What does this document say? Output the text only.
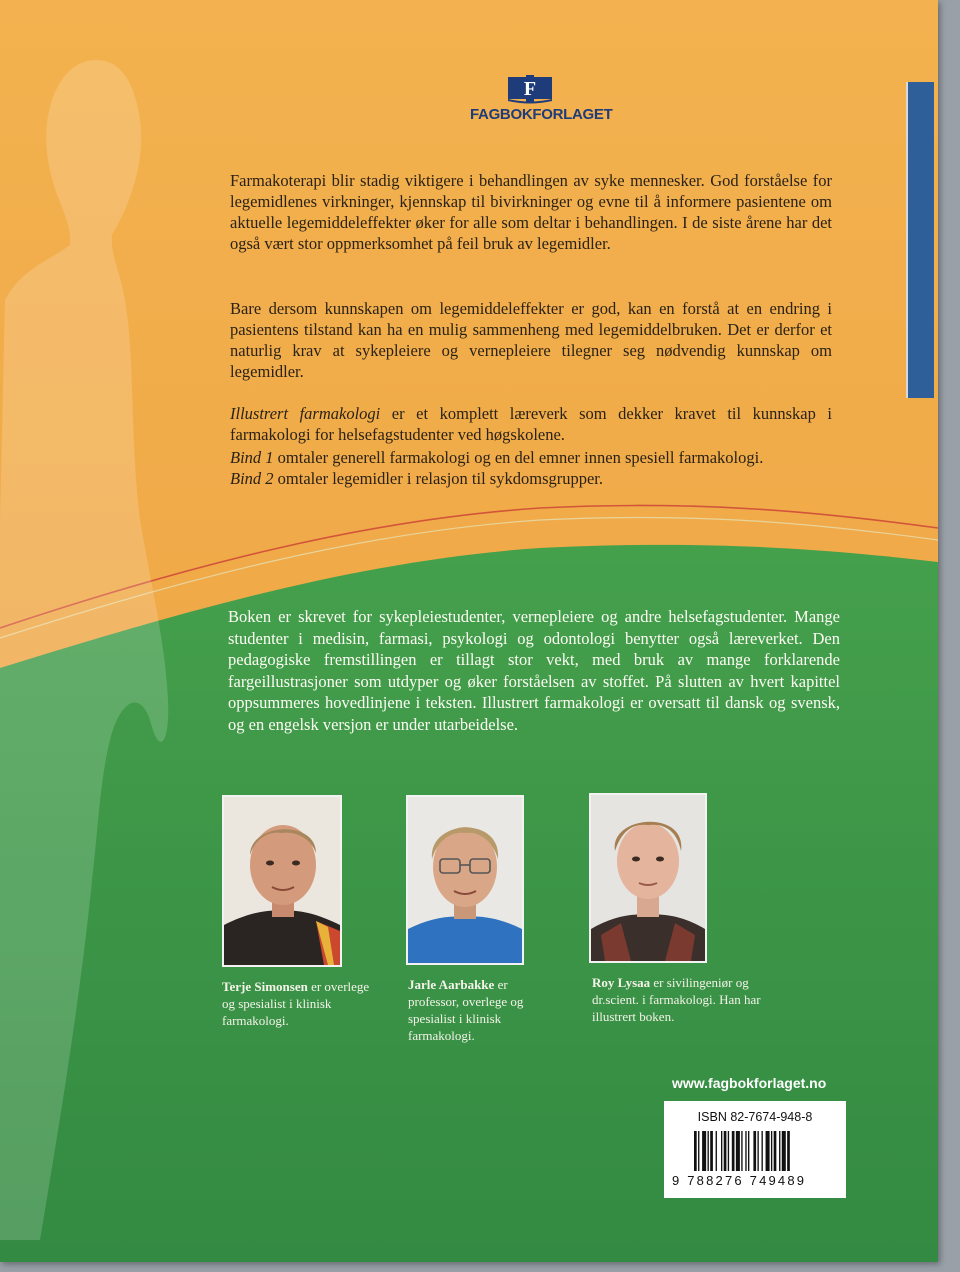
F
FAGBOKFORLAGET

Farmakoterapi blir stadig viktigere i behandlingen av syke mennesker. God forståelse for legemidlenes virkninger, kjennskap til bivirkninger og evne til å informere pasientene om aktuelle legemiddeleffekter øker for alle som deltar i behandlingen. I de siste årene har det også vært stor oppmerksomhet på feil bruk av legemidler.

Bare dersom kunnskapen om legemiddeleffekter er god, kan en forstå at en endring i pasientens tilstand kan ha en mulig sammenheng med legemiddelbruken. Det er derfor et naturlig krav at sykepleiere og vernepleiere tilegner seg nødvendig kunnskap om legemidler.

Illustrert farmakologi er et komplett læreverk som dekker kravet til kunnskap i farmakologi for helsefagstudenter ved høgskolene.

Bind 1 omtaler generell farmakologi og en del emner innen spesiell farmakologi.
Bind 2 omtaler legemidler i relasjon til sykdomsgrupper.

Boken er skrevet for sykepleiestudenter, vernepleiere og andre helsefagstudenter. Mange studenter i medisin, farmasi, psykologi og odontologi benytter også læreverket. Den pedagogiske fremstillingen er tillagt stor vekt, med bruk av mange forklarende fargeillustrasjoner som utdyper og øker forståelsen av stoffet. På slutten av hvert kapittel oppsummeres hovedlinjene i teksten. Illustrert farmakologi er oversatt til dansk og svensk, og en engelsk versjon er under utarbeidelse.

Terje Simonsen er overlege og spesialist i klinisk farmakologi.

Jarle Aarbakke er professor, overlege og spesialist i klinisk farmakologi.

Roy Lysaa er sivilingeniør og dr.scient. i farmakologi. Han har illustrert boken.

www.fagbokforlaget.no
ISBN 82-7674-948-8
9 788276 749489
